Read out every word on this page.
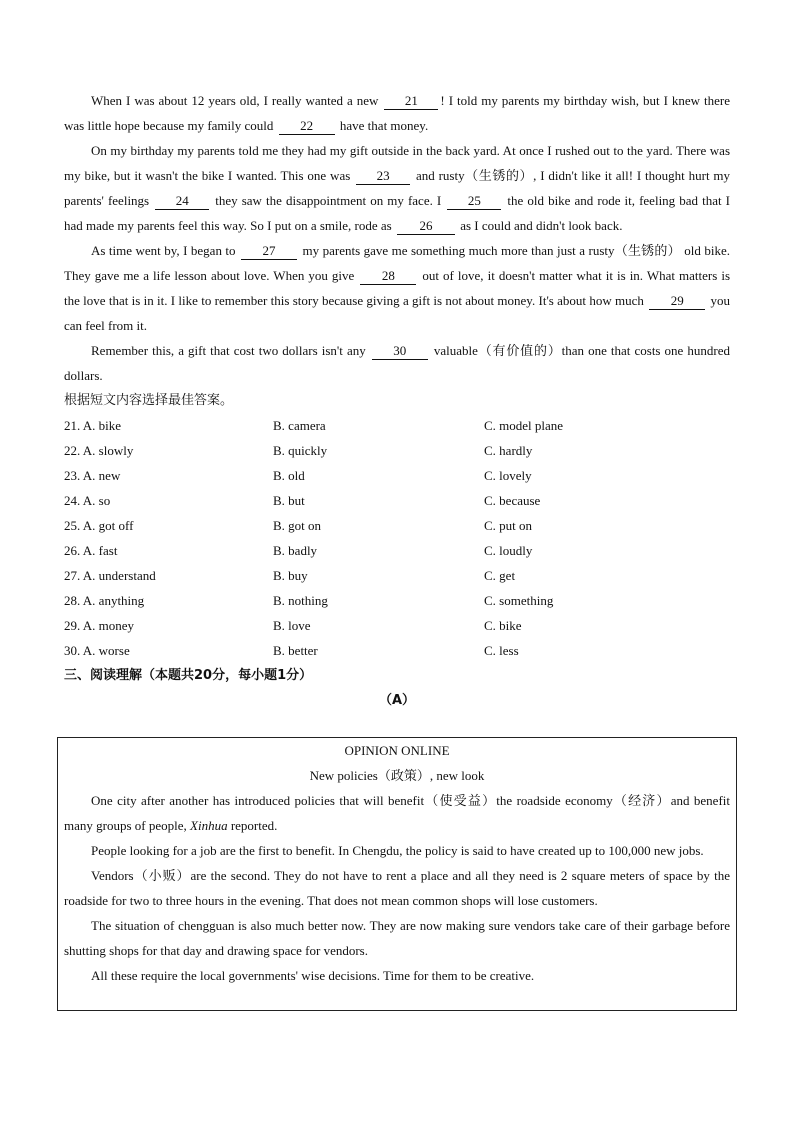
When I was about 12 years old, I really wanted a new 21 ! I told my parents my birthday wish, but I knew there was little hope because my family could 22 have that money.

On my birthday my parents told me they had my gift outside in the back yard. At once I rushed out to the yard. There was my bike, but it wasn't the bike I wanted. This one was 23 and rusty（生锈的）, I didn't like it all! I thought hurt my parents' feelings 24 they saw the disappointment on my face. I 25 the old bike and rode it, feeling bad that I had made my parents feel this way. So I put on a smile, rode as 26 as I could and didn't look back.

As time went by, I began to 27 my parents gave me something much more than just a rusty（生锈的） old bike. They gave me a life lesson about love. When you give 28 out of love, it doesn't matter what it is in. What matters is the love that is in it. I like to remember this story because giving a gift is not about money. It's about how much 29 you can feel from it.

Remember this, a gift that cost two dollars isn't any 30 valuable（有价值的）than one that costs one hundred dollars.

根据短文内容选择最佳答案。
21. A. bike	B. camera	C. model plane
22. A. slowly	B. quickly	C. hardly
23. A. new	B. old	C. lovely
24. A. so	B. but	C. because
25. A. got off	B. got on	C. put on
26. A. fast	B. badly	C. loudly
27. A. understand	B. buy	C. get
28. A. anything	B. nothing	C. something
29. A. money	B. love	C. bike
30. A. worse	B. better	C. less
三、阅读理解（本题共20分，每小题1分）
（A）

OPINION ONLINE

New policies（政策）, new look

One city after another has introduced policies that will benefit（使受益）the roadside economy（经济）and benefit many groups of people, Xinhua reported.

People looking for a job are the first to benefit. In Chengdu, the policy is said to have created up to 100,000 new jobs.

Vendors（小贩）are the second. They do not have to rent a place and all they need is 2 square meters of space by the roadside for two to three hours in the evening. That does not mean common shops will lose customers.

The situation of chengguan is also much better now. They are now making sure vendors take care of their garbage before shutting shops for that day and drawing space for vendors.

All these require the local governments' wise decisions. Time for them to be creative.
